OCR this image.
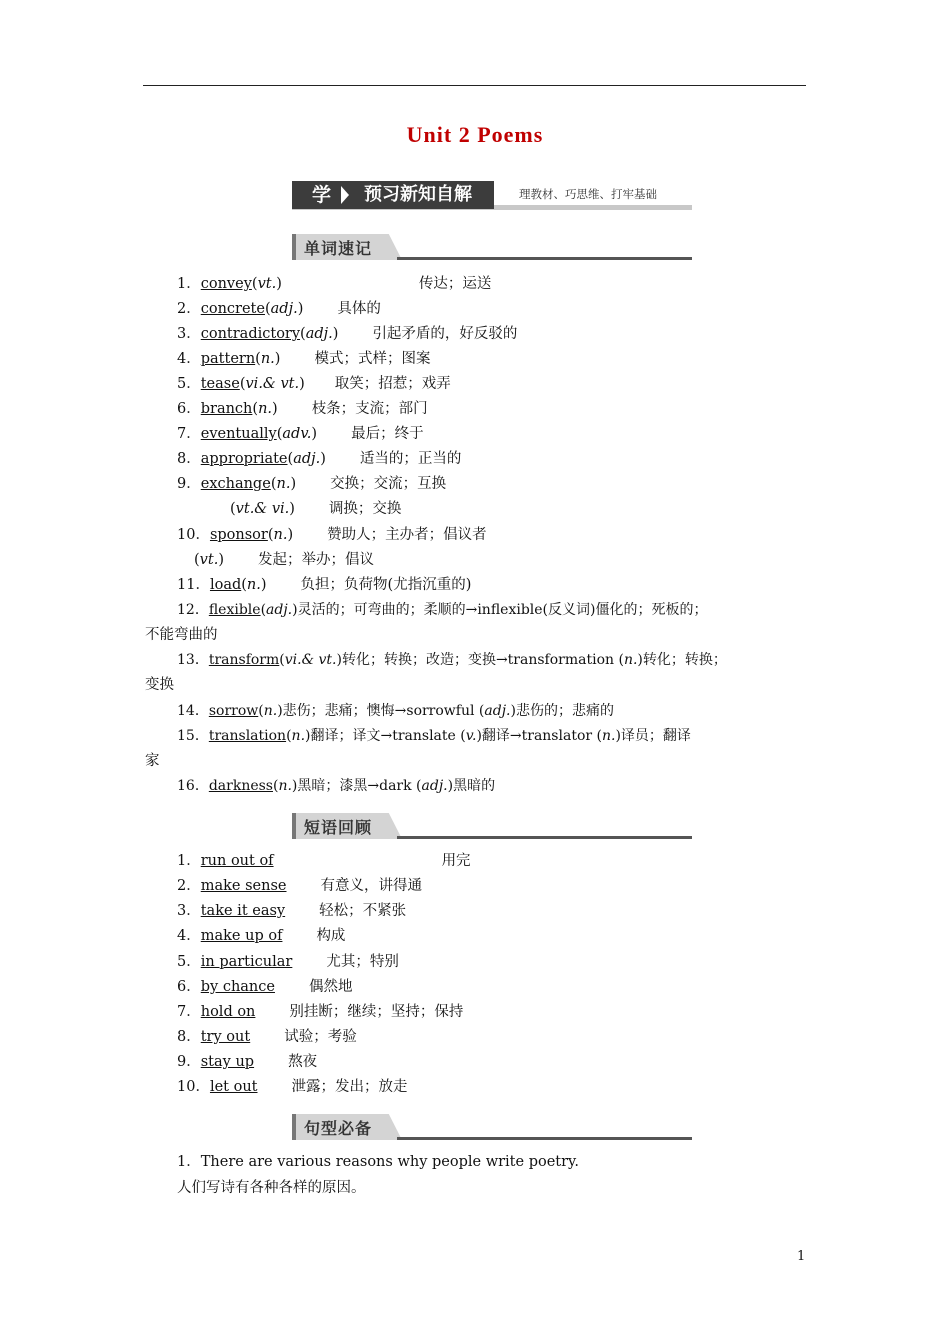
Unit 2 Poems
学 预习新知自解	理教材、巧思维、打牢基础
单词速记
1．convey(vt.)	传达；运送
2．concrete(adj.) 具体的
3．contradictory(adj.) 引起矛盾的，好反驳的
4．pattern(n.) 模式；式样；图案
5．tease(vi.& vt.) 取笑；招惹；戏弄
6．branch(n.) 枝条；支流；部门
7．eventually(adv.) 最后；终于
8．appropriate(adj.) 适当的；正当的
9．exchange(n.) 交换；交流；互换
(vt.& vi.) 调换；交换
10．sponsor(n.) 赞助人；主办者；倡议者
(vt.) 发起；举办；倡议
11．load(n.) 负担；负荷物(尤指沉重的)
12．flexible(adj.)灵活的；可弯曲的；柔顺的→inflexible(反义词)僵化的；死板的；
不能弯曲的
13．transform(vi.& vt.)转化；转换；改造；变换→transformation (n.)转化；转换；
变换
14．sorrow(n.)悲伤；悲痛；懊悔→sorrowful (adj.)悲伤的；悲痛的
15．translation(n.)翻译；译文→translate (v.)翻译→translator (n.)译员；翻译
家
16．darkness(n.)黑暗；漆黑→dark (adj.)黑暗的
短语回顾
1．run out of	用完
2．make sense 有意义，讲得通
3．take it easy 轻松；不紧张
4．make up of 构成
5．in particular 尤其；特别
6．by chance 偶然地
7．hold on 别挂断；继续；坚持；保持
8．try out 试验；考验
9．stay up 熬夜
10．let out 泄露；发出；放走
句型必备
1．There are various reasons why people write poetry.
人们写诗有各种各样的原因。
1
